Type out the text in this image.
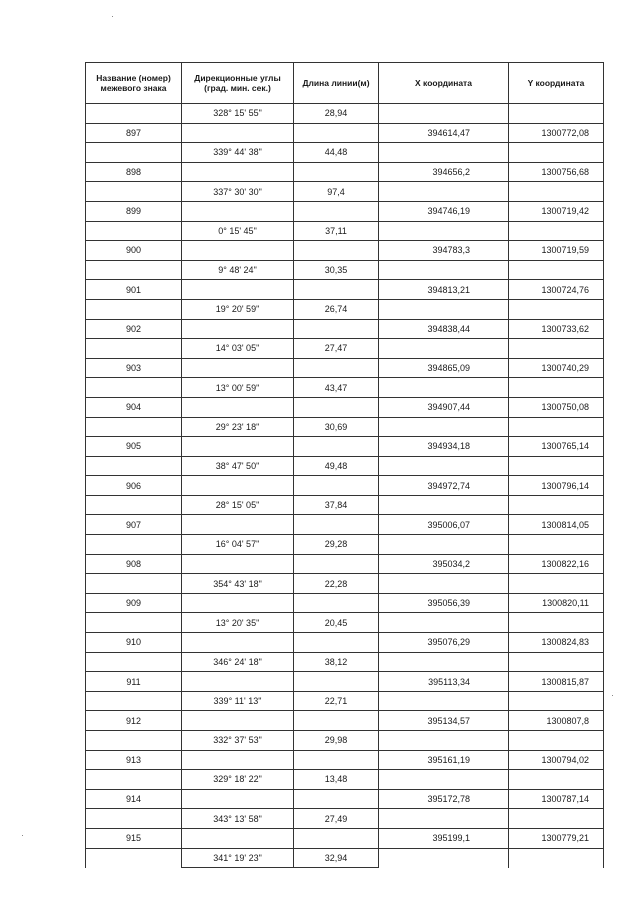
Название (номер) межевого знака	Дирекционные углы (град. мин. сек.)	Длина линии(м)	X координата	Y координата
	328° 15' 55"	28,94		
897			394614,47	1300772,08
	339° 44' 38"	44,48		
898			394656,2	1300756,68
	337° 30' 30"	97,4		
899			394746,19	1300719,42
	0° 15' 45"	37,11		
900			394783,3	1300719,59
	9° 48' 24"	30,35		
901			394813,21	1300724,76
	19° 20' 59"	26,74		
902			394838,44	1300733,62
	14° 03' 05"	27,47		
903			394865,09	1300740,29
	13° 00' 59"	43,47		
904			394907,44	1300750,08
	29° 23' 18"	30,69		
905			394934,18	1300765,14
	38° 47' 50"	49,48		
906			394972,74	1300796,14
	28° 15' 05"	37,84		
907			395006,07	1300814,05
	16° 04' 57"	29,28		
908			395034,2	1300822,16
	354° 43' 18"	22,28		
909			395056,39	1300820,11
	13° 20' 35"	20,45		
910			395076,29	1300824,83
	346° 24' 18"	38,12		
911			395113,34	1300815,87
	339° 11' 13"	22,71		
912			395134,57	1300807,8
	332° 37' 53"	29,98		
913			395161,19	1300794,02
	329° 18' 22"	13,48		
914			395172,78	1300787,14
	343° 13' 58"	27,49		
915			395199,1	1300779,21
	341° 19' 23"	32,94		
